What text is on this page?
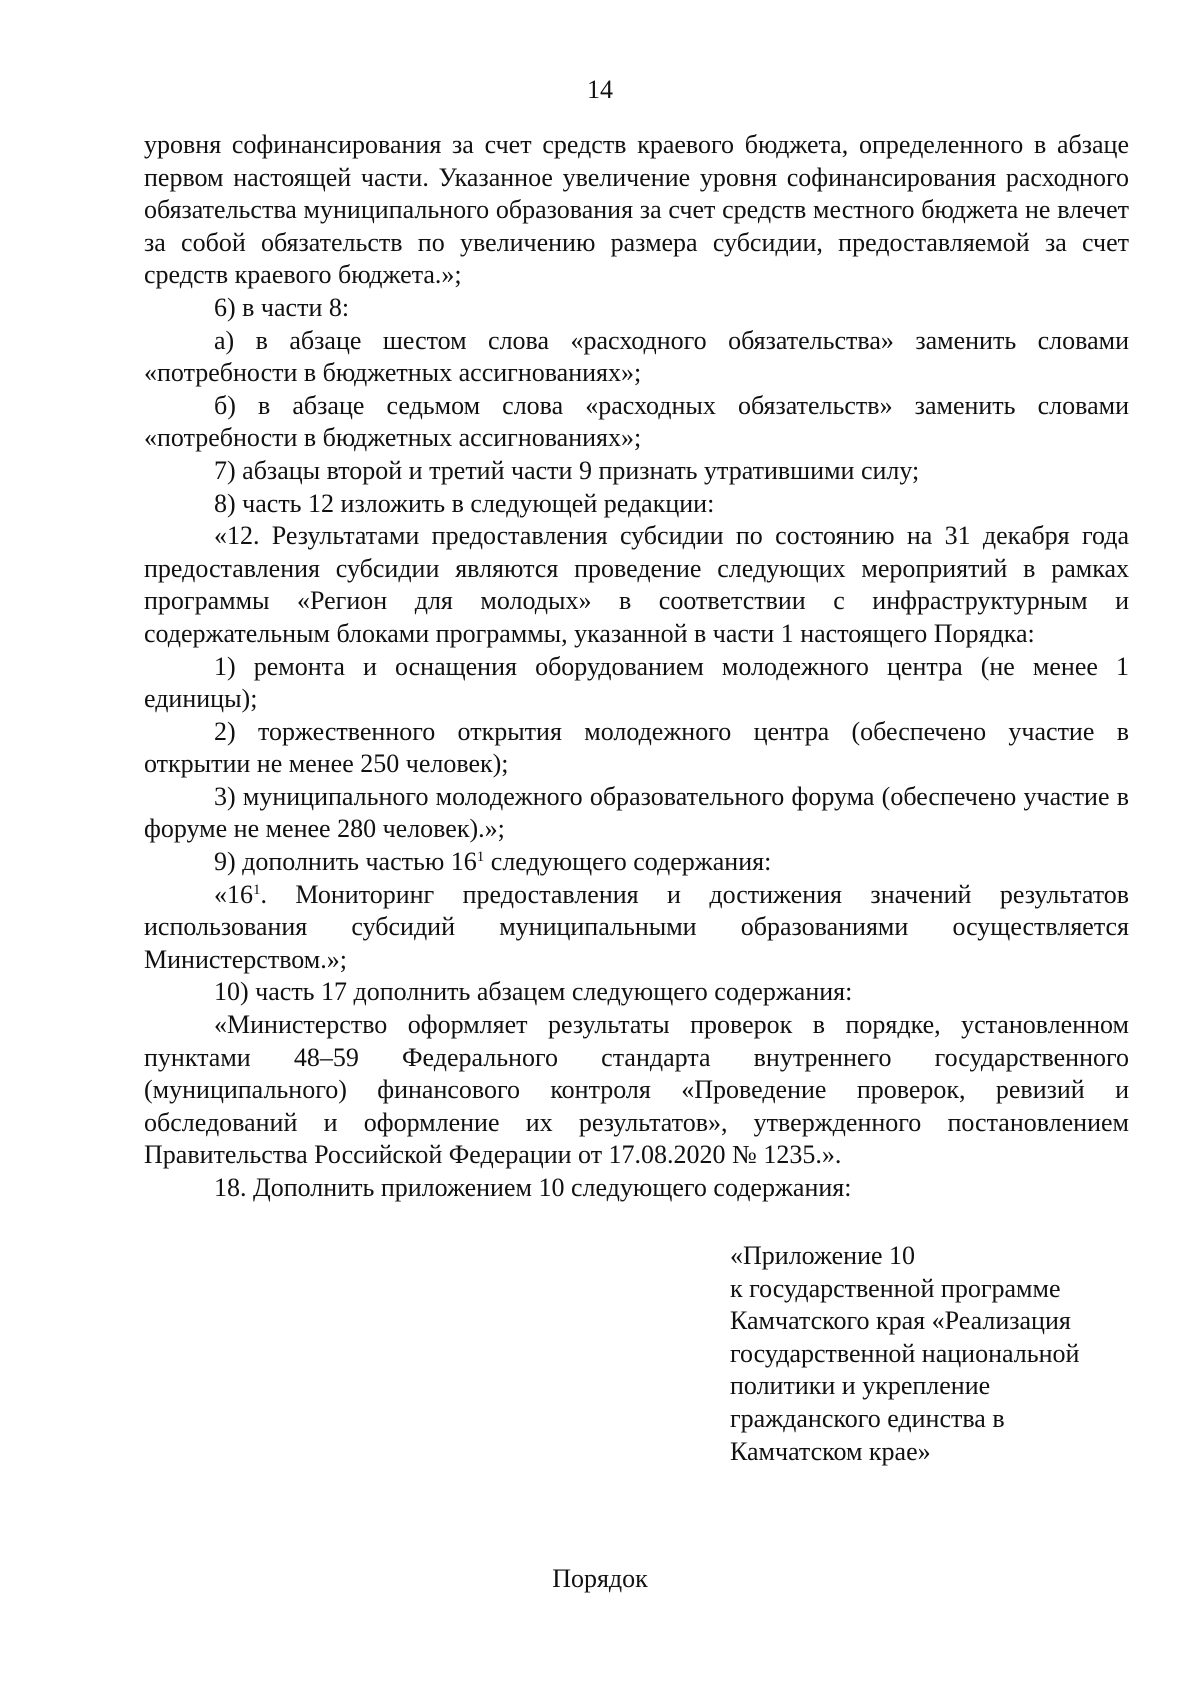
14

уровня софинансирования за счет средств краевого бюджета, определенного в абзаце первом настоящей части. Указанное увеличение уровня софинансирования расходного обязательства муниципального образования за счет средств местного бюджета не влечет за собой обязательств по увеличению размера субсидии, предоставляемой за счет средств краевого бюджета.»;

6) в части 8:

а) в абзаце шестом слова «расходного обязательства» заменить словами «потребности в бюджетных ассигнованиях»;

б) в абзаце седьмом слова «расходных обязательств» заменить словами «потребности в бюджетных ассигнованиях»;

7) абзацы второй и третий части 9 признать утратившими силу;

8) часть 12 изложить в следующей редакции:

«12. Результатами предоставления субсидии по состоянию на 31 декабря года предоставления субсидии являются проведение следующих мероприятий в рамках программы «Регион для молодых» в соответствии с инфраструктурным и содержательным блоками программы, указанной в части 1 настоящего Порядка:

1) ремонта и оснащения оборудованием молодежного центра (не менее 1 единицы);

2) торжественного открытия молодежного центра (обеспечено участие в открытии не менее 250 человек);

3) муниципального молодежного образовательного форума (обеспечено участие в форуме не менее 280 человек).»;

9) дополнить частью $16^1$ следующего содержания:

«$16^1$. Мониторинг предоставления и достижения значений результатов использования субсидий муниципальными образованиями осуществляется Министерством.»;

10) часть 17 дополнить абзацем следующего содержания:

«Министерство оформляет результаты проверок в порядке, установленном пунктами 48–59 Федерального стандарта внутреннего государственного (муниципального) финансового контроля «Проведение проверок, ревизий и обследований и оформление их результатов», утвержденного постановлением Правительства Российской Федерации от 17.08.2020 № 1235.».

18. Дополнить приложением 10 следующего содержания:

«Приложение 10
к государственной программе
Камчатского края «Реализация
государственной национальной
политики и укрепление
гражданского единства в
Камчатском крае»
Порядок
